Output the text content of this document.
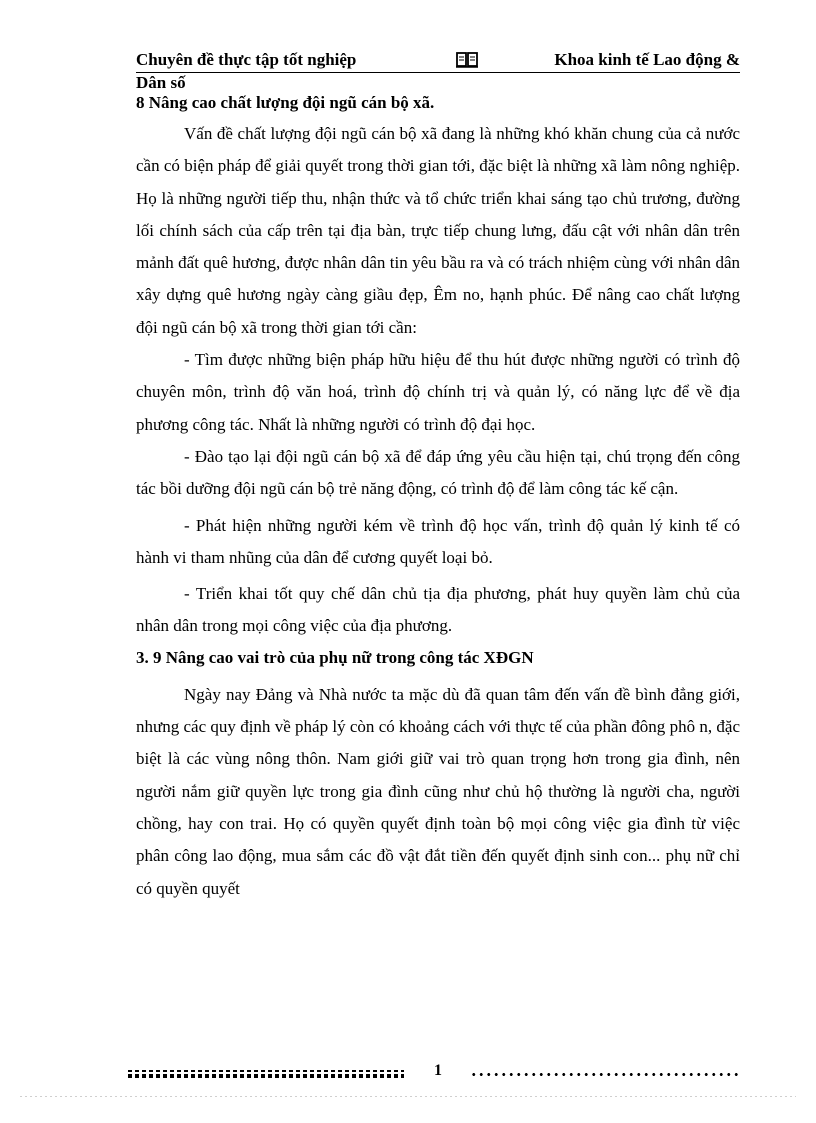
Chuyên đề thực tập tốt nghiệp	Khoa kinh tế Lao động &
Dân số

8 Nâng cao chất lượng đội ngũ cán bộ xã.

Vấn đề chất lượng đội ngũ cán bộ xã đang là những khó khăn chung của cả nước cần có biện pháp để giải quyết trong thời gian tới, đặc biệt là những xã làm nông nghiệp. Họ là những người tiếp thu, nhận thức và tổ chức triển khai sáng tạo chủ trương, đường lối chính sách của cấp trên tại địa bàn, trực tiếp chung lưng, đấu cật với nhân dân trên mảnh đất quê hương, được nhân dân tin yêu bầu ra và có trách nhiệm cùng với nhân dân xây dựng quê hương ngày càng giầu đẹp, Êm no, hạnh phúc. Để nâng cao chất lượng đội ngũ cán bộ xã trong thời gian tới cần:

- Tìm được những biện pháp hữu hiệu để thu hút được những người có trình độ chuyên môn, trình độ văn hoá, trình độ chính trị và quản lý, có năng lực để về địa phương công tác. Nhất là những người có trình độ đại học.

- Đào tạo lại đội ngũ cán bộ xã để đáp ứng yêu cầu hiện tại, chú trọng đến công tác bồi dưỡng đội ngũ cán bộ trẻ năng động, có trình độ để làm công tác kế cận.

- Phát hiện những người kém về trình độ học vấn, trình độ quản lý kinh tế có hành vi tham nhũng của dân để cương quyết loại bỏ.

- Triển khai tốt quy chế dân chủ tịa địa phương, phát huy quyền làm chủ của nhân dân trong mọi công việc của địa phương.

3. 9 Nâng cao vai trò của phụ nữ trong công tác XĐGN

Ngày nay Đảng và Nhà nước ta mặc dù đã quan tâm đến vấn đề bình đẳng giới, nhưng các quy định về pháp lý còn có khoảng cách với thực tế của phần đông phô n, đặc biệt là các vùng nông thôn. Nam giới giữ vai trò quan trọng hơn trong gia đình, nên người nắm giữ quyền lực trong gia đình cũng như chủ hộ thường là người cha, người chồng, hay con trai. Họ có quyền quyết định toàn bộ mọi công việc gia đình từ việc phân công lao động, mua sắm các đồ vật đắt tiền đến quyết định sinh con... phụ nữ chỉ có quyền quyết

1
